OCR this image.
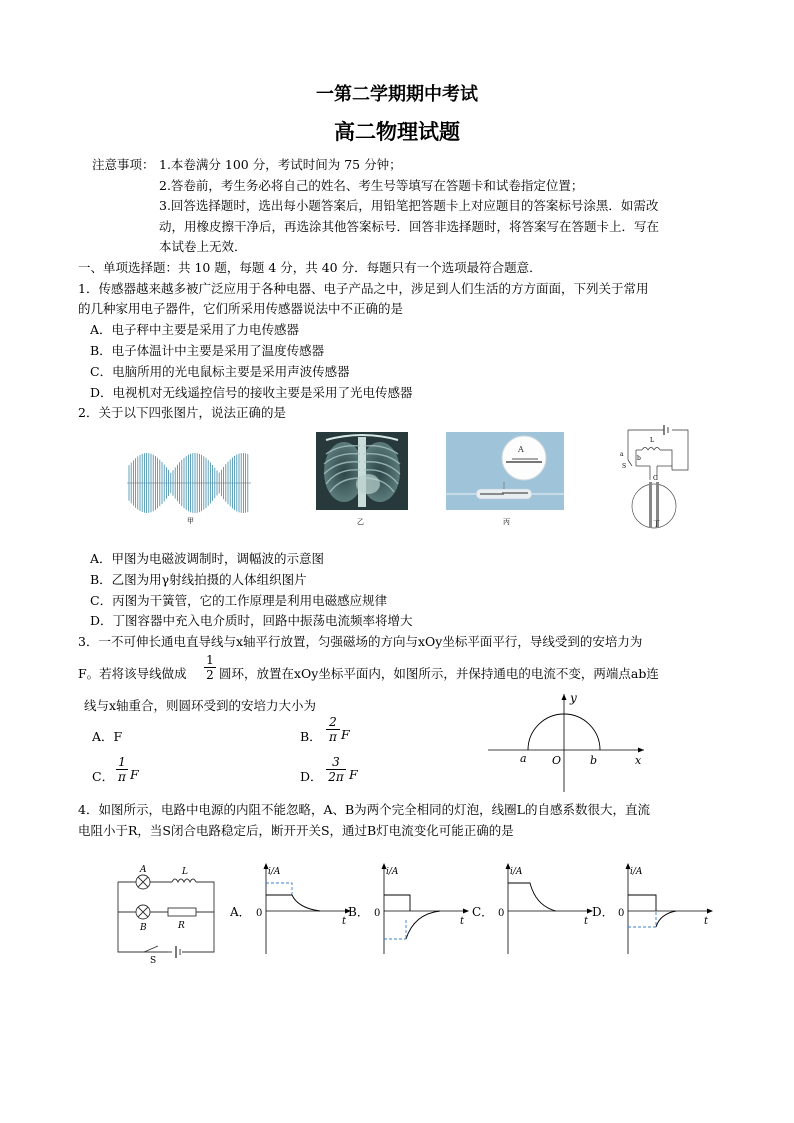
一第二学期期中考试
高二物理试题
注意事项： 1.本卷满分 100 分，考试时间为 75 分钟；
2.答卷前，考生务必将自己的姓名、考生号等填写在答题卡和试卷指定位置；
3.回答选择题时，选出每小题答案后，用铅笔把答题卡上对应题目的答案标号涂黑．如需改
动，用橡皮擦干净后，再选涂其他答案标号．回答非选择题时，将答案写在答题卡上．写在
本试卷上无效．
一、单项选择题：共 10 题，每题 4 分，共 40 分．每题只有一个选项最符合题意．
1．传感器越来越多被广泛应用于各种电器、电子产品之中，涉足到人们生活的方方面面，下列关于常用
的几种家用电子器件，它们所采用传感器说法中不正确的是
A．电子秤中主要是采用了力电传感器
B．电子体温计中主要是采用了温度传感器
C．电脑所用的光电鼠标主要是采用声波传感器
D．电视机对无线遥控信号的接收主要是采用了光电传感器
2．关于以下四张图片，说法正确的是
甲	乙
A
丙
a
b
S
L
C
丁
A．甲图为电磁波调制时，调幅波的示意图
B．乙图为用γ射线拍摄的人体组织图片
C．丙图为干簧管，它的工作原理是利用电磁感应规律
D．丁图容器中充入电介质时，回路中振荡电流频率将增大
3．一不可伸长通电直导线与x轴平行放置，匀强磁场的方向与xOy坐标平面平行，导线受到的安培力为
F。若将该导线做成 $\frac{1}{2}$ 圆环，放置在xOy坐标平面内，如图所示，并保持通电的电流不变，两端点ab连
线与x轴重合，则圆环受到的安培力大小为
A．F	B． $\frac{2}{\pi}$ F
C． $\frac{1}{\pi}$ F	D． $\frac{3}{2\pi}$ F
y
x
O
a	b
4．如图所示，电路中电源的内阻不能忽略，A、B为两个完全相同的灯泡，线圈L的自感系数很大，直流
电阻小于R，当S闭合电路稳定后，断开开关S，通过B灯电流变化可能正确的是
A	L
B	R
S
A．
i/A
0
t
B．
i/A
0
t
C．
i/A
0
t
D．
i/A
0
t
